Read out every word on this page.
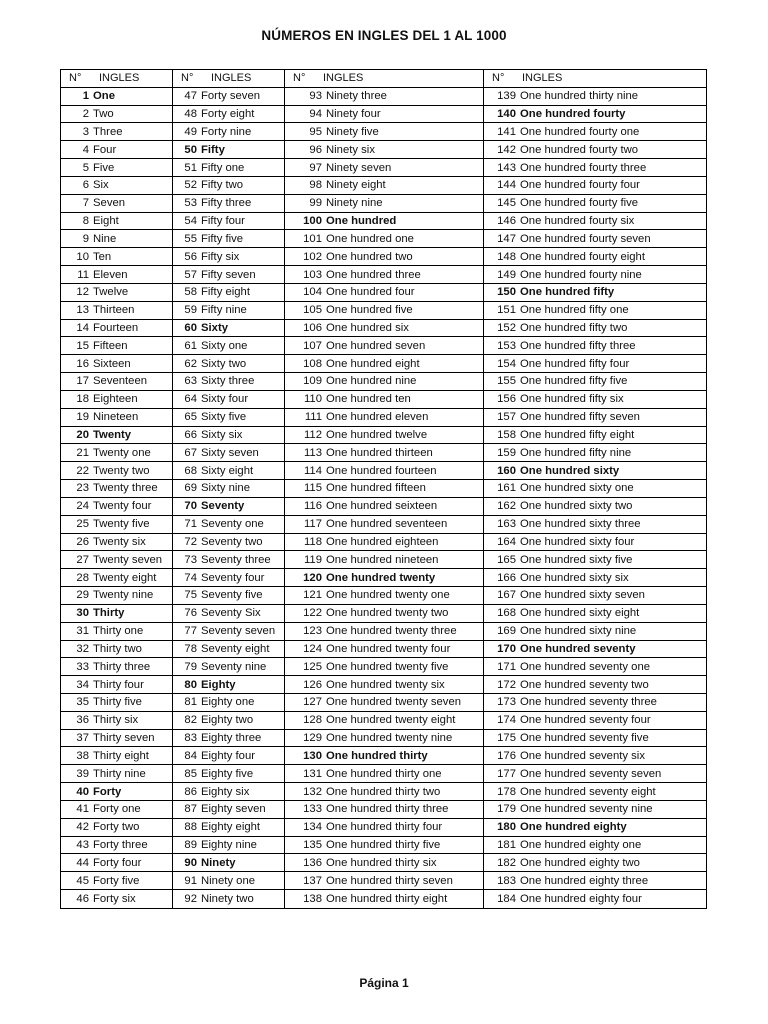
NÚMEROS EN INGLES DEL 1 AL 1000
N°	INGLES
1 One
2 Two
3 Three
4 Four
5 Five
6 Six
7 Seven
8 Eight
9 Nine
10 Ten
11 Eleven
12 Twelve
13 Thirteen
14 Fourteen
15 Fifteen
16 Sixteen
17 Seventeen
18 Eighteen
19 Nineteen
20 Twenty
21 Twenty one
22 Twenty two
23 Twenty three
24 Twenty four
25 Twenty five
26 Twenty six
27 Twenty seven
28 Twenty eight
29 Twenty nine
30 Thirty
31 Thirty one
32 Thirty two
33 Thirty three
34 Thirty four
35 Thirty five
36 Thirty six
37 Thirty seven
38 Thirty eight
39 Thirty nine
40 Forty
41 Forty one
42 Forty two
43 Forty three
44 Forty four
45 Forty five
46 Forty six
N°	INGLES
47 Forty seven
48 Forty eight
49 Forty nine
50 Fifty
51 Fifty one
52 Fifty two
53 Fifty three
54 Fifty four
55 Fifty five
56 Fifty six
57 Fifty seven
58 Fifty eight
59 Fifty nine
60 Sixty
61 Sixty one
62 Sixty two
63 Sixty three
64 Sixty four
65 Sixty five
66 Sixty six
67 Sixty seven
68 Sixty eight
69 Sixty nine
70 Seventy
71 Seventy one
72 Seventy two
73 Seventy three
74 Seventy four
75 Seventy five
76 Seventy Six
77 Seventy seven
78 Seventy eight
79 Seventy nine
80 Eighty
81 Eighty one
82 Eighty two
83 Eighty three
84 Eighty four
85 Eighty five
86 Eighty six
87 Eighty seven
88 Eighty eight
89 Eighty nine
90 Ninety
91 Ninety one
92 Ninety two
N°	INGLES
93 Ninety three
94 Ninety four
95 Ninety five
96 Ninety six
97 Ninety seven
98 Ninety eight
99 Ninety nine
100 One hundred
101 One hundred one
102 One hundred two
103 One hundred three
104 One hundred four
105 One hundred five
106 One hundred six
107 One hundred seven
108 One hundred eight
109 One hundred nine
110 One hundred ten
111 One hundred eleven
112 One hundred twelve
113 One hundred thirteen
114 One hundred fourteen
115 One hundred fifteen
116 One hundred seixteen
117 One hundred seventeen
118 One hundred eighteen
119 One hundred nineteen
120 One hundred twenty
121 One hundred twenty one
122 One hundred twenty two
123 One hundred twenty three
124 One hundred twenty four
125 One hundred twenty five
126 One hundred twenty six
127 One hundred twenty seven
128 One hundred twenty eight
129 One hundred twenty nine
130 One hundred thirty
131 One hundred thirty one
132 One hundred thirty two
133 One hundred thirty three
134 One hundred thirty four
135 One hundred thirty five
136 One hundred thirty six
137 One hundred thirty seven
138 One hundred thirty eight
N°	INGLES
139 One hundred thirty nine
140 One hundred fourty
141 One hundred fourty one
142 One hundred fourty two
143 One hundred fourty three
144 One hundred fourty four
145 One hundred fourty five
146 One hundred fourty six
147 One hundred fourty seven
148 One hundred fourty eight
149 One hundred fourty nine
150 One hundred fifty
151 One hundred fifty one
152 One hundred fifty two
153 One hundred fifty three
154 One hundred fifty four
155 One hundred fifty five
156 One hundred fifty six
157 One hundred fifty seven
158 One hundred fifty eight
159 One hundred fifty nine
160 One hundred sixty
161 One hundred sixty one
162 One hundred sixty two
163 One hundred sixty three
164 One hundred sixty four
165 One hundred sixty five
166 One hundred sixty six
167 One hundred sixty seven
168 One hundred sixty eight
169 One hundred sixty nine
170 One hundred seventy
171 One hundred seventy one
172 One hundred seventy two
173 One hundred seventy three
174 One hundred seventy four
175 One hundred seventy five
176 One hundred seventy six
177 One hundred seventy seven
178 One hundred seventy eight
179 One hundred seventy nine
180 One hundred eighty
181 One hundred eighty one
182 One hundred eighty two
183 One hundred eighty three
184 One hundred eighty four
Página 1
